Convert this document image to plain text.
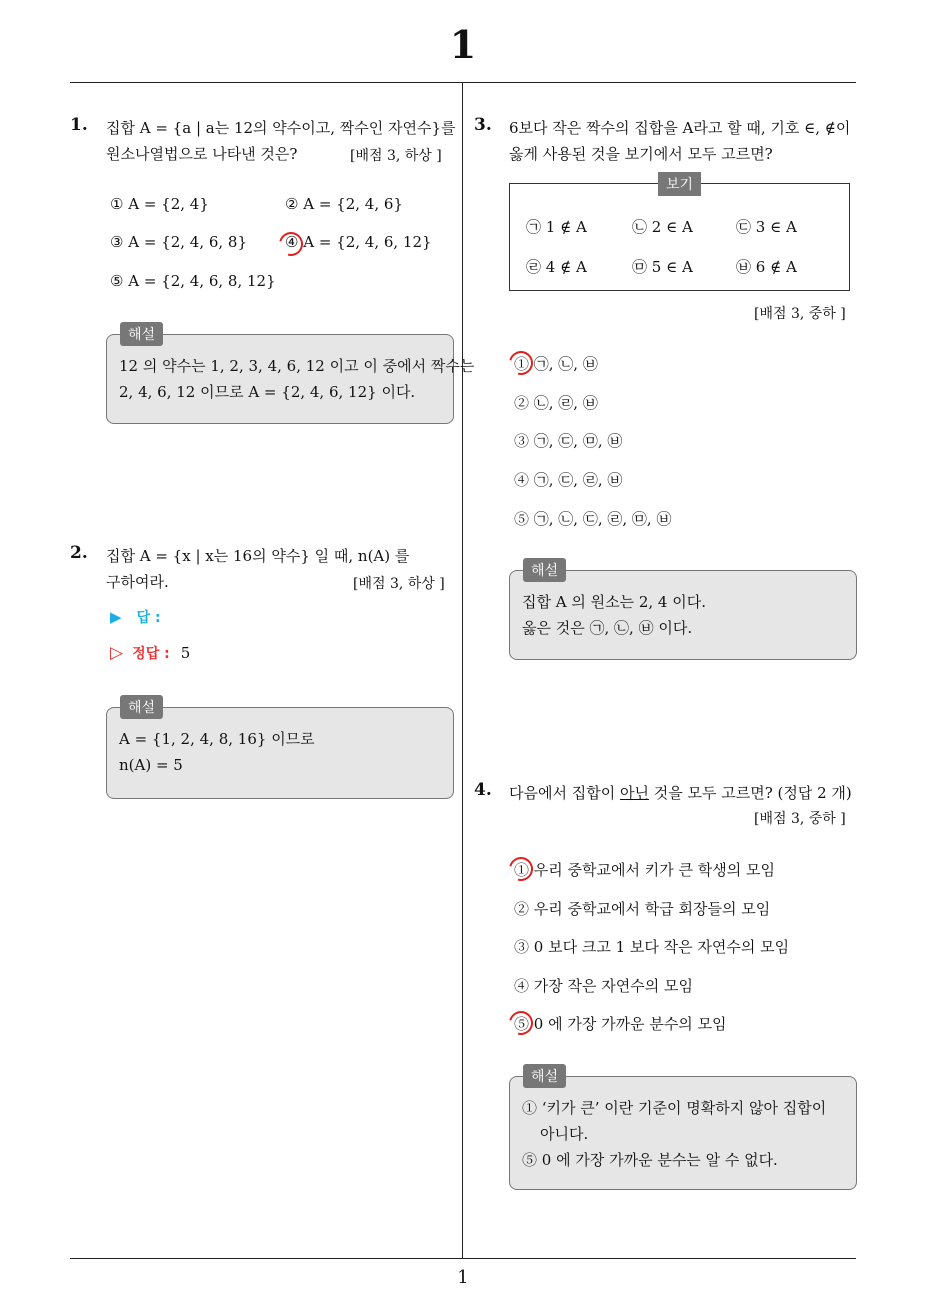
1
1
1. 집합 A = {a | a는 12의 약수이고, 짝수인 자연수}를
원소나열법으로 나타낸 것은?	[배점 3, 하상 ]
① A = {2, 4}	② A = {2, 4, 6}
③ A = {2, 4, 6, 8}	④ A = {2, 4, 6, 12}
⑤ A = {2, 4, 6, 8, 12}
12 의 약수는 1, 2, 3, 4, 6, 12 이고 이 중에서 짝수는
2, 4, 6, 12 이므로 A = {2, 4, 6, 12} 이다.
해설
2. 집합 A = {x | x는 16의 약수} 일 때, n(A) 를
구하여라.	[배점 3, 하상 ]
▶ 답 :
▷ 정답 : 5
A = {1, 2, 4, 8, 16} 이므로
n(A) = 5
해설
3. 6보다 작은 짝수의 집합을 A라고 할 때, 기호 ∈, ∉이
옳게 사용된 것을 보기에서 모두 고르면?
㉠ 1 ∉ A	㉡ 2 ∈ A	㉢ 3 ∈ A
㉣ 4 ∉ A	㉤ 5 ∈ A	㉥ 6 ∉ A
보기
[배점 3, 중하 ]
① ㉠, ㉡, ㉥
② ㉡, ㉣, ㉥
③ ㉠, ㉢, ㉤, ㉥
④ ㉠, ㉢, ㉣, ㉥
⑤ ㉠, ㉡, ㉢, ㉣, ㉤, ㉥
집합 A 의 원소는 2, 4 이다.
옳은 것은 ㉠, ㉡, ㉥ 이다.
해설
4. 다음에서 집합이 아닌 것을 모두 고르면? (정답 2 개)
[배점 3, 중하 ]
① 우리 중학교에서 키가 큰 학생의 모임
② 우리 중학교에서 학급 회장들의 모임
③ 0 보다 크고 1 보다 작은 자연수의 모임
④ 가장 작은 자연수의 모임
⑤ 0 에 가장 가까운 분수의 모임
① ‘키가 큰’ 이란 기준이 명확하지 않아 집합이
아니다.
⑤ 0 에 가장 가까운 분수는 알 수 없다.
해설
